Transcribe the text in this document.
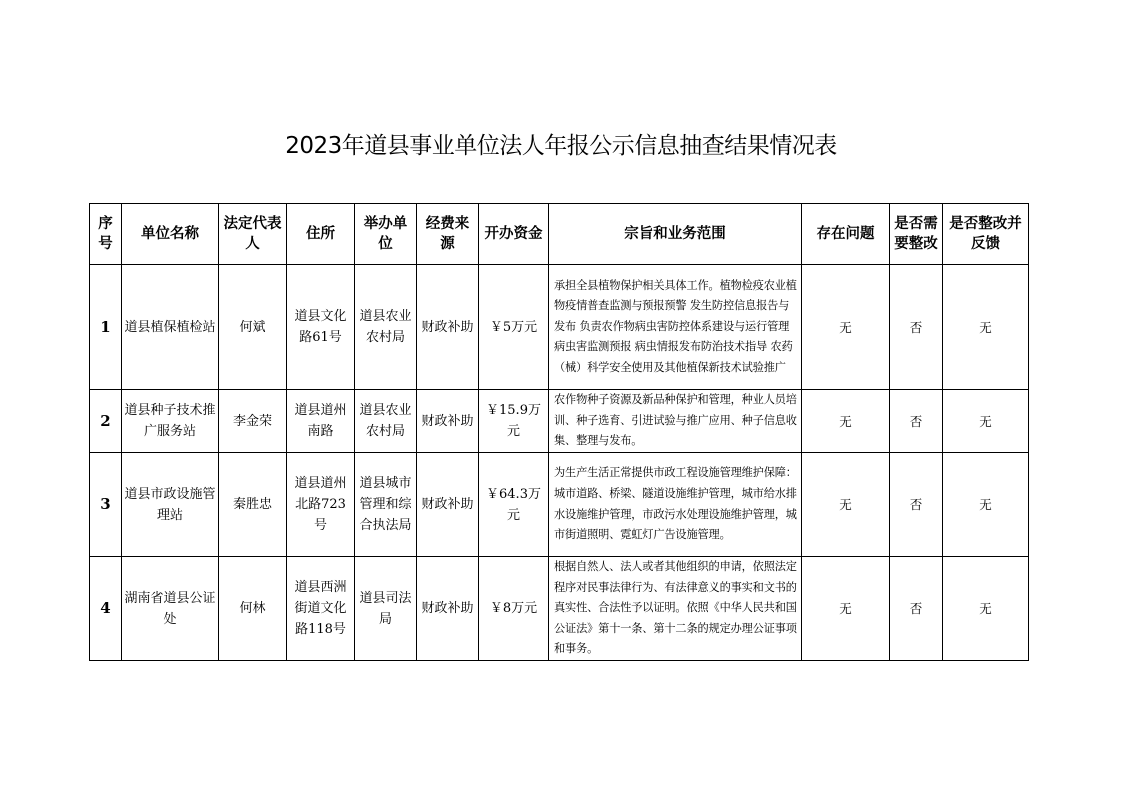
2023年道县事业单位法人年报公示信息抽查结果情况表
序号	单位名称	法定代表人	住所	举办单位	经费来源	开办资金	宗旨和业务范围	存在问题	是否需要整改	是否整改并反馈
1	道县植保植检站	何斌	道县文化路61号	道县农业农村局	财政补助	￥5万元	承担全县植物保护相关具体工作。植物检疫农业植物疫情普查监测与预报预警 发生防控信息报告与发布 负责农作物病虫害防控体系建设与运行管理 病虫害监测预报 病虫情报发布防治技术指导 农药（械）科学安全使用及其他植保新技术试验推广	无	否	无
2	道县种子技术推广服务站	李金荣	道县道州南路	道县农业农村局	财政补助	￥15.9万元	农作物种子资源及新品种保护和管理，种业人员培训、种子选育、引进试验与推广应用、种子信息收集、整理与发布。	无	否	无
3	道县市政设施管理站	秦胜忠	道县道州北路723号	道县城市管理和综合执法局	财政补助	￥64.3万元	为生产生活正常提供市政工程设施管理维护保障：城市道路、桥梁、隧道设施维护管理，城市给水排水设施维护管理，市政污水处理设施维护管理，城市街道照明、霓虹灯广告设施管理。	无	否	无
4	湖南省道县公证处	何林	道县西洲街道文化路118号	道县司法局	财政补助	￥8万元	根据自然人、法人或者其他组织的申请，依照法定程序对民事法律行为、有法律意义的事实和文书的真实性、合法性予以证明。依照《中华人民共和国公证法》第十一条、第十二条的规定办理公证事项和事务。	无	否	无
